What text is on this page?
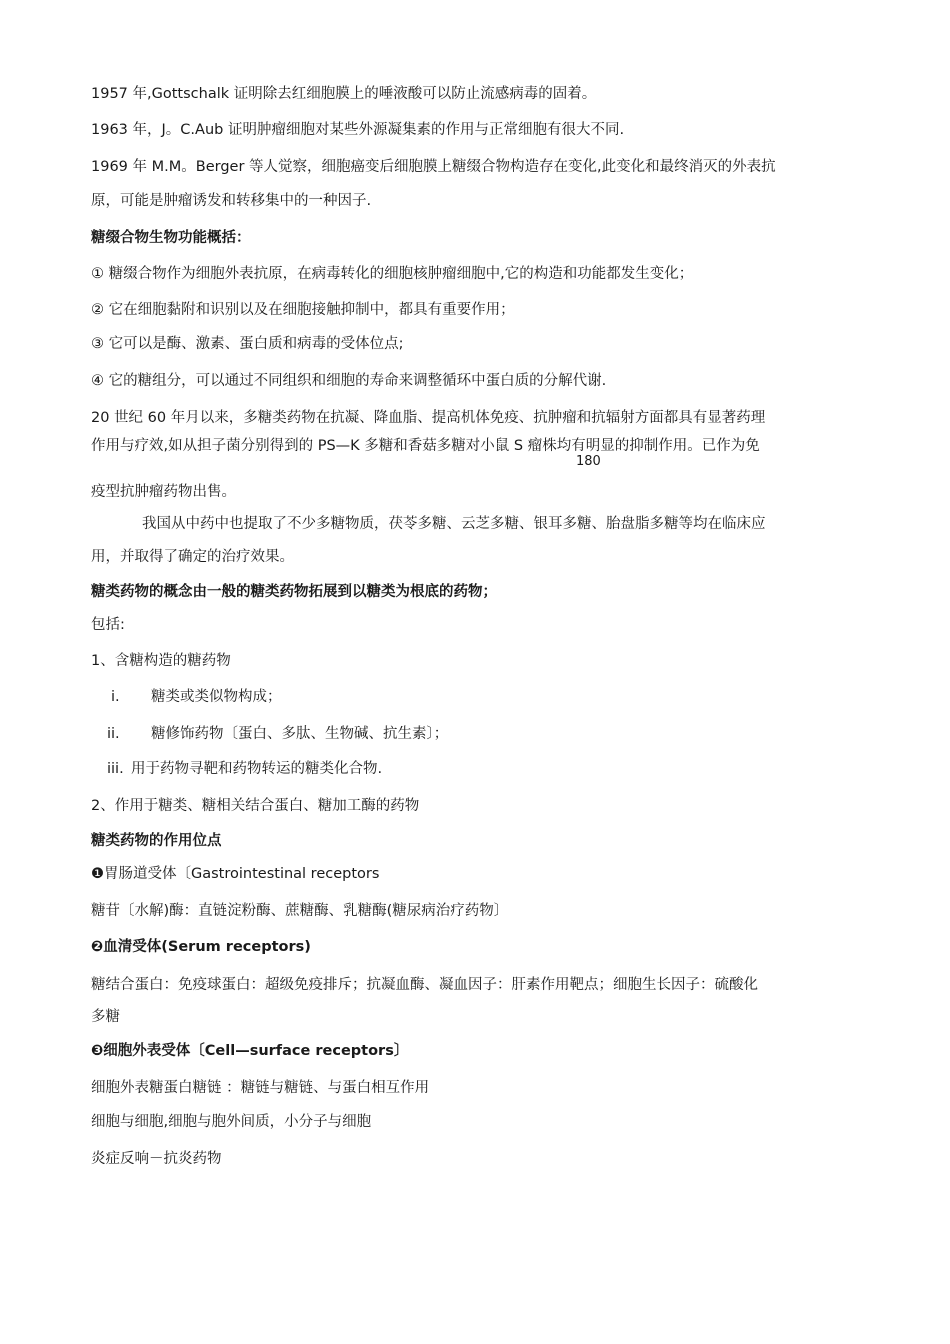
1957 年,Gottschalk 证明除去红细胞膜上的唾液酸可以防止流感病毒的固着。
1963 年，J。C.Aub 证明肿瘤细胞对某些外源凝集素的作用与正常细胞有很大不同.
1969 年 M.M。Berger 等人觉察，细胞癌变后细胞膜上糖缀合物构造存在变化,此变化和最终消灭的外表抗
原，可能是肿瘤诱发和转移集中的一种因子.
糖缀合物生物功能概括：
① 糖缀合物作为细胞外表抗原，在病毒转化的细胞核肿瘤细胞中,它的构造和功能都发生变化；
② 它在细胞黏附和识别以及在细胞接触抑制中，都具有重要作用；
③ 它可以是酶、激素、蛋白质和病毒的受体位点;
④ 它的糖组分，可以通过不同组织和细胞的寿命来调整循环中蛋白质的分解代谢.
20 世纪 60 年月以来，多糖类药物在抗凝、降血脂、提高机体免疫、抗肿瘤和抗辐射方面都具有显著药理
作用与疗效,如从担子菌分别得到的 PS—K 多糖和香菇多糖对小鼠 S 瘤株均有明显的抑制作用。已作为免
180
疫型抗肿瘤药物出售。
我国从中药中也提取了不少多糖物质，茯苓多糖、云芝多糖、银耳多糖、胎盘脂多糖等均在临床应
用，并取得了确定的治疗效果。
糖类药物的概念由一般的糖类药物拓展到以糖类为根底的药物；
包括:
1、含糖构造的糖药物
i. 糖类或类似物构成；
ii. 糖修饰药物〔蛋白、多肽、生物碱、抗生素〕；
iii. 用于药物寻靶和药物转运的糖类化合物.
2、作用于糖类、糖相关结合蛋白、糖加工酶的药物
糖类药物的作用位点
❶胃肠道受体〔Gastrointestinal receptors
糖苷〔水解)酶：直链淀粉酶、蔗糖酶、乳糖酶(糖尿病治疗药物〕
❷血清受体(Serum receptors)
糖结合蛋白：免疫球蛋白：超级免疫排斥；抗凝血酶、凝血因子：肝素作用靶点；细胞生长因子：硫酸化
多糖
❸细胞外表受体〔Cell—surface receptors〕
细胞外表糖蛋白糖链 ：糖链与糖链、与蛋白相互作用
细胞与细胞,细胞与胞外间质，小分子与细胞
炎症反响－抗炎药物
